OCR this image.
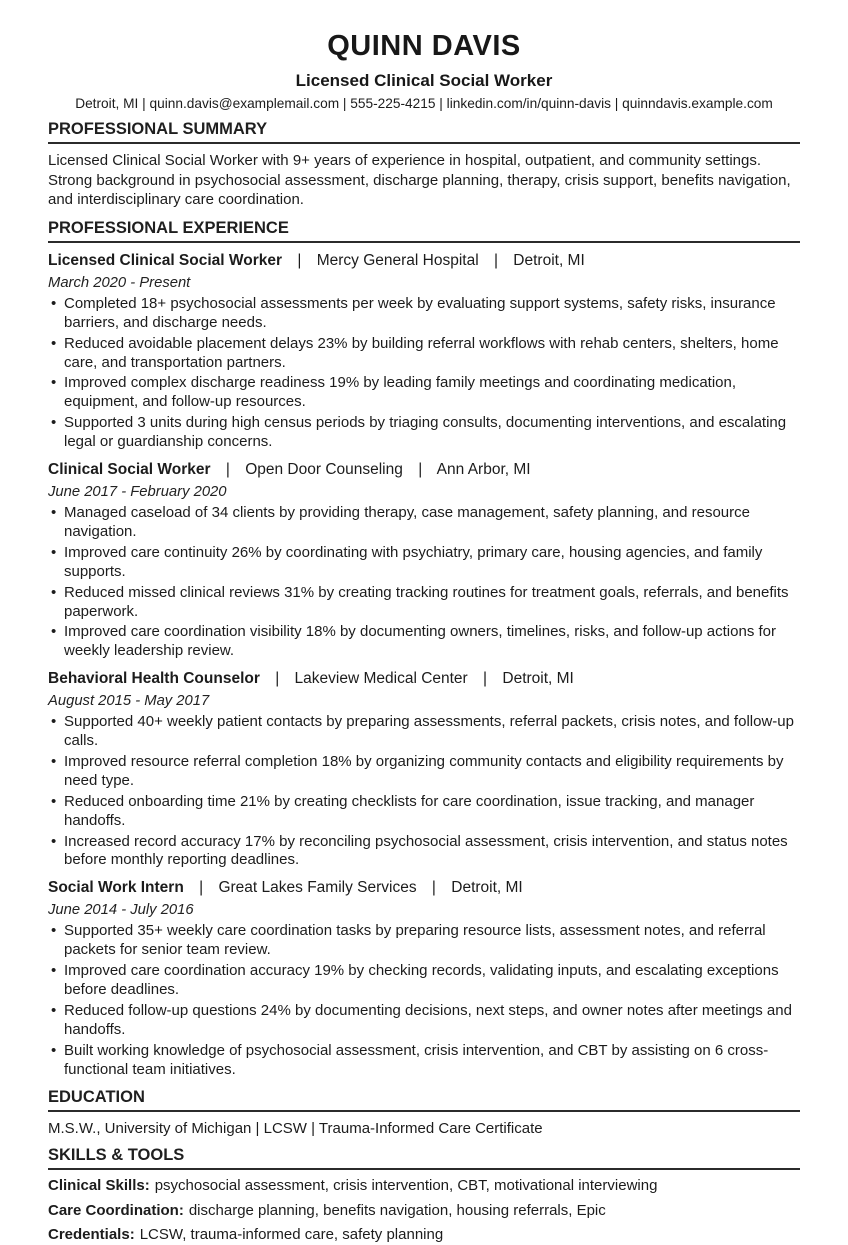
QUINN DAVIS
Licensed Clinical Social Worker
Detroit, MI | quinn.davis@examplemail.com | 555-225-4215 | linkedin.com/in/quinn-davis | quinndavis.example.com
PROFESSIONAL SUMMARY
Licensed Clinical Social Worker with 9+ years of experience in hospital, outpatient, and community settings. Strong background in psychosocial assessment, discharge planning, therapy, crisis support, benefits navigation, and interdisciplinary care coordination.
PROFESSIONAL EXPERIENCE
Licensed Clinical Social Worker | Mercy General Hospital | Detroit, MI
March 2020 - Present
• Completed 18+ psychosocial assessments per week by evaluating support systems, safety risks, insurance barriers, and discharge needs.
• Reduced avoidable placement delays 23% by building referral workflows with rehab centers, shelters, home care, and transportation partners.
• Improved complex discharge readiness 19% by leading family meetings and coordinating medication, equipment, and follow-up resources.
• Supported 3 units during high census periods by triaging consults, documenting interventions, and escalating legal or guardianship concerns.
Clinical Social Worker | Open Door Counseling | Ann Arbor, MI
June 2017 - February 2020
• Managed caseload of 34 clients by providing therapy, case management, safety planning, and resource navigation.
• Improved care continuity 26% by coordinating with psychiatry, primary care, housing agencies, and family supports.
• Reduced missed clinical reviews 31% by creating tracking routines for treatment goals, referrals, and benefits paperwork.
• Improved care coordination visibility 18% by documenting owners, timelines, risks, and follow-up actions for weekly leadership review.
Behavioral Health Counselor | Lakeview Medical Center | Detroit, MI
August 2015 - May 2017
• Supported 40+ weekly patient contacts by preparing assessments, referral packets, crisis notes, and follow-up calls.
• Improved resource referral completion 18% by organizing community contacts and eligibility requirements by need type.
• Reduced onboarding time 21% by creating checklists for care coordination, issue tracking, and manager handoffs.
• Increased record accuracy 17% by reconciling psychosocial assessment, crisis intervention, and status notes before monthly reporting deadlines.
Social Work Intern | Great Lakes Family Services | Detroit, MI
June 2014 - July 2016
• Supported 35+ weekly care coordination tasks by preparing resource lists, assessment notes, and referral packets for senior team review.
• Improved care coordination accuracy 19% by checking records, validating inputs, and escalating exceptions before deadlines.
• Reduced follow-up questions 24% by documenting decisions, next steps, and owner notes after meetings and handoffs.
• Built working knowledge of psychosocial assessment, crisis intervention, and CBT by assisting on 6 cross-functional team initiatives.
EDUCATION
M.S.W., University of Michigan | LCSW | Trauma-Informed Care Certificate
SKILLS & TOOLS
Clinical Skills: psychosocial assessment, crisis intervention, CBT, motivational interviewing
Care Coordination: discharge planning, benefits navigation, housing referrals, Epic
Credentials: LCSW, trauma-informed care, safety planning
